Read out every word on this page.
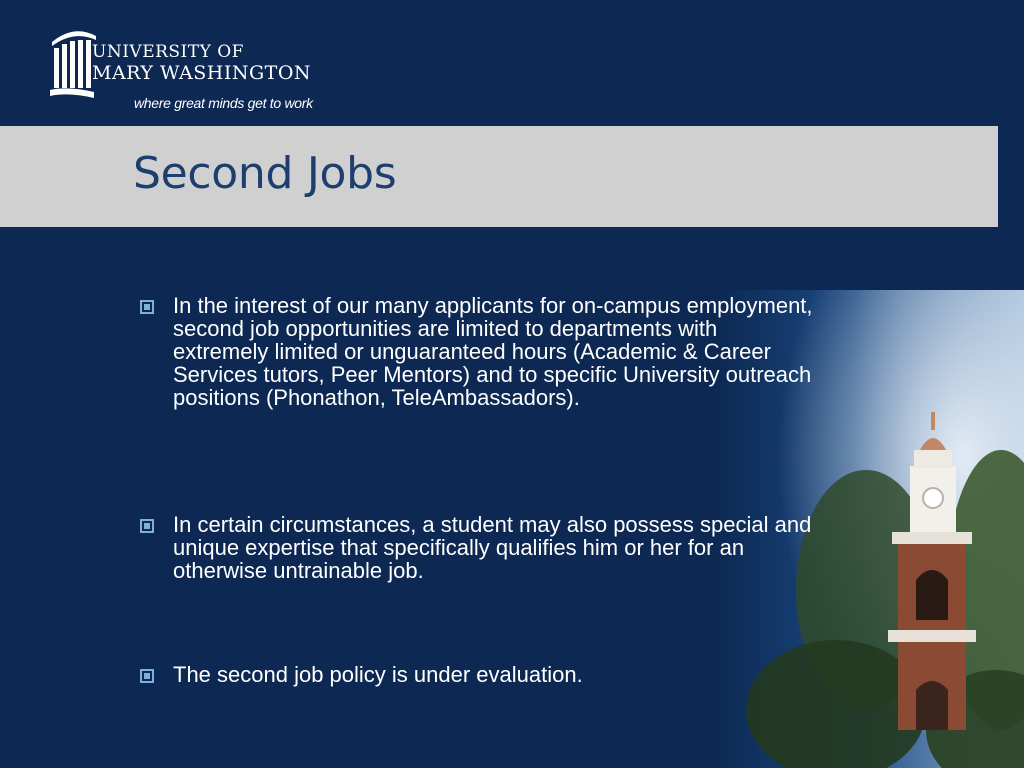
UNIVERSITY OF
MARY WASHINGTON
where great minds get to work
Second Jobs
In the interest of our many applicants for on-campus employment, second job opportunities are limited to departments with extremely limited or unguaranteed hours (Academic & Career Services tutors, Peer Mentors) and to specific University outreach positions (Phonathon, TeleAmbassadors).
In certain circumstances, a student may also possess special and unique expertise that specifically qualifies him or her for an otherwise untrainable job.
The second job policy is under evaluation.
